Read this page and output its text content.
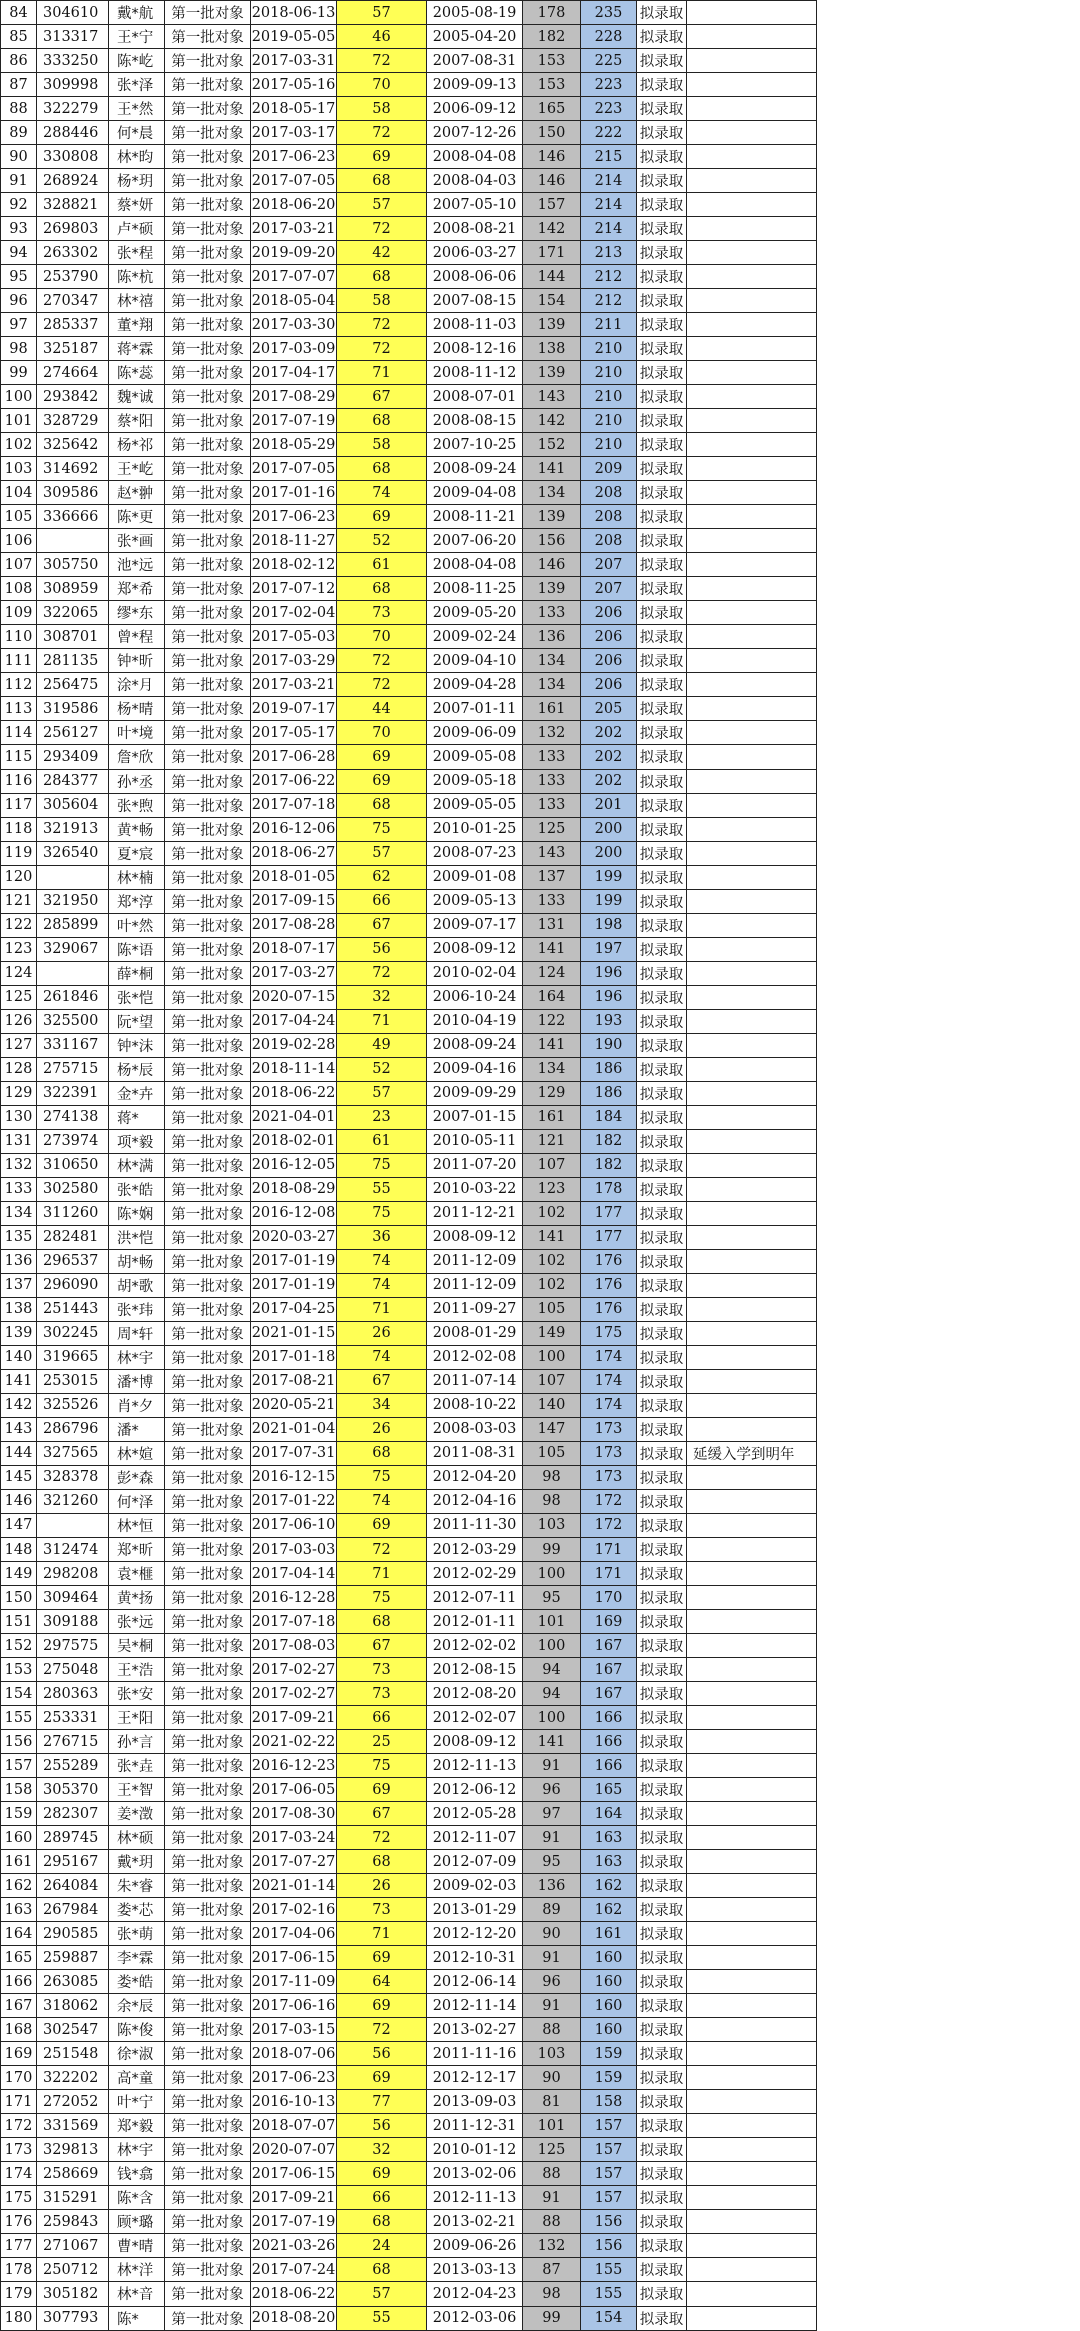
84	304610	戴*航	第一批对象	2018-06-13	57	2005-08-19	178	235	拟录取	
85	313317	王*宁	第一批对象	2019-05-05	46	2005-04-20	182	228	拟录取	
86	333250	陈*屹	第一批对象	2017-03-31	72	2007-08-31	153	225	拟录取	
87	309998	张*泽	第一批对象	2017-05-16	70	2009-09-13	153	223	拟录取	
88	322279	王*然	第一批对象	2018-05-17	58	2006-09-12	165	223	拟录取	
89	288446	何*晨	第一批对象	2017-03-17	72	2007-12-26	150	222	拟录取	
90	330808	林*昀	第一批对象	2017-06-23	69	2008-04-08	146	215	拟录取	
91	268924	杨*玥	第一批对象	2017-07-05	68	2008-04-03	146	214	拟录取	
92	328821	蔡*妍	第一批对象	2018-06-20	57	2007-05-10	157	214	拟录取	
93	269803	卢*硕	第一批对象	2017-03-21	72	2008-08-21	142	214	拟录取	
94	263302	张*程	第一批对象	2019-09-20	42	2006-03-27	171	213	拟录取	
95	253790	陈*杭	第一批对象	2017-07-07	68	2008-06-06	144	212	拟录取	
96	270347	林*禧	第一批对象	2018-05-04	58	2007-08-15	154	212	拟录取	
97	285337	董*翔	第一批对象	2017-03-30	72	2008-11-03	139	211	拟录取	
98	325187	蒋*霖	第一批对象	2017-03-09	72	2008-12-16	138	210	拟录取	
99	274664	陈*蕊	第一批对象	2017-04-17	71	2008-11-12	139	210	拟录取	
100	293842	魏*诚	第一批对象	2017-08-29	67	2008-07-01	143	210	拟录取	
101	328729	蔡*阳	第一批对象	2017-07-19	68	2008-08-15	142	210	拟录取	
102	325642	杨*祁	第一批对象	2018-05-29	58	2007-10-25	152	210	拟录取	
103	314692	王*屹	第一批对象	2017-07-05	68	2008-09-24	141	209	拟录取	
104	309586	赵*翀	第一批对象	2017-01-16	74	2009-04-08	134	208	拟录取	
105	336666	陈*更	第一批对象	2017-06-23	69	2008-11-21	139	208	拟录取	
106		张*画	第一批对象	2018-11-27	52	2007-06-20	156	208	拟录取	
107	305750	池*远	第一批对象	2018-02-12	61	2008-04-08	146	207	拟录取	
108	308959	郑*希	第一批对象	2017-07-12	68	2008-11-25	139	207	拟录取	
109	322065	缪*东	第一批对象	2017-02-04	73	2009-05-20	133	206	拟录取	
110	308701	曾*程	第一批对象	2017-05-03	70	2009-02-24	136	206	拟录取	
111	281135	钟*昕	第一批对象	2017-03-29	72	2009-04-10	134	206	拟录取	
112	256475	涂*月	第一批对象	2017-03-21	72	2009-04-28	134	206	拟录取	
113	319586	杨*晴	第一批对象	2019-07-17	44	2007-01-11	161	205	拟录取	
114	256127	叶*境	第一批对象	2017-05-17	70	2009-06-09	132	202	拟录取	
115	293409	詹*欣	第一批对象	2017-06-28	69	2009-05-08	133	202	拟录取	
116	284377	孙*丞	第一批对象	2017-06-22	69	2009-05-18	133	202	拟录取	
117	305604	张*煦	第一批对象	2017-07-18	68	2009-05-05	133	201	拟录取	
118	321913	黄*畅	第一批对象	2016-12-06	75	2010-01-25	125	200	拟录取	
119	326540	夏*宸	第一批对象	2018-06-27	57	2008-07-23	143	200	拟录取	
120		林*楠	第一批对象	2018-01-05	62	2009-01-08	137	199	拟录取	
121	321950	郑*淳	第一批对象	2017-09-15	66	2009-05-13	133	199	拟录取	
122	285899	叶*然	第一批对象	2017-08-28	67	2009-07-17	131	198	拟录取	
123	329067	陈*语	第一批对象	2018-07-17	56	2008-09-12	141	197	拟录取	
124		薛*桐	第一批对象	2017-03-27	72	2010-02-04	124	196	拟录取	
125	261846	张*恺	第一批对象	2020-07-15	32	2006-10-24	164	196	拟录取	
126	325500	阮*望	第一批对象	2017-04-24	71	2010-04-19	122	193	拟录取	
127	331167	钟*沫	第一批对象	2019-02-28	49	2008-09-24	141	190	拟录取	
128	275715	杨*辰	第一批对象	2018-11-14	52	2009-04-16	134	186	拟录取	
129	322391	金*卉	第一批对象	2018-06-22	57	2009-09-29	129	186	拟录取	
130	274138	蒋*	第一批对象	2021-04-01	23	2007-01-15	161	184	拟录取	
131	273974	项*毅	第一批对象	2018-02-01	61	2010-05-11	121	182	拟录取	
132	310650	林*满	第一批对象	2016-12-05	75	2011-07-20	107	182	拟录取	
133	302580	张*皓	第一批对象	2018-08-29	55	2010-03-22	123	178	拟录取	
134	311260	陈*娴	第一批对象	2016-12-08	75	2011-12-21	102	177	拟录取	
135	282481	洪*恺	第一批对象	2020-03-27	36	2008-09-12	141	177	拟录取	
136	296537	胡*畅	第一批对象	2017-01-19	74	2011-12-09	102	176	拟录取	
137	296090	胡*歌	第一批对象	2017-01-19	74	2011-12-09	102	176	拟录取	
138	251443	张*玮	第一批对象	2017-04-25	71	2011-09-27	105	176	拟录取	
139	302245	周*轩	第一批对象	2021-01-15	26	2008-01-29	149	175	拟录取	
140	319665	林*宇	第一批对象	2017-01-18	74	2012-02-08	100	174	拟录取	
141	253015	潘*博	第一批对象	2017-08-21	67	2011-07-14	107	174	拟录取	
142	325526	肖*夕	第一批对象	2020-05-21	34	2008-10-22	140	174	拟录取	
143	286796	潘*	第一批对象	2021-01-04	26	2008-03-03	147	173	拟录取	
144	327565	林*媗	第一批对象	2017-07-31	68	2011-08-31	105	173	拟录取	延缓入学到明年
145	328378	彭*森	第一批对象	2016-12-15	75	2012-04-20	98	173	拟录取	
146	321260	何*泽	第一批对象	2017-01-22	74	2012-04-16	98	172	拟录取	
147		林*恒	第一批对象	2017-06-10	69	2011-11-30	103	172	拟录取	
148	312474	郑*昕	第一批对象	2017-03-03	72	2012-03-29	99	171	拟录取	
149	298208	袁*榧	第一批对象	2017-04-14	71	2012-02-29	100	171	拟录取	
150	309464	黄*扬	第一批对象	2016-12-28	75	2012-07-11	95	170	拟录取	
151	309188	张*远	第一批对象	2017-07-18	68	2012-01-11	101	169	拟录取	
152	297575	吴*桐	第一批对象	2017-08-03	67	2012-02-02	100	167	拟录取	
153	275048	王*浩	第一批对象	2017-02-27	73	2012-08-15	94	167	拟录取	
154	280363	张*安	第一批对象	2017-02-27	73	2012-08-20	94	167	拟录取	
155	253331	王*阳	第一批对象	2017-09-21	66	2012-02-07	100	166	拟录取	
156	276715	孙*言	第一批对象	2021-02-22	25	2008-09-12	141	166	拟录取	
157	255289	张*垚	第一批对象	2016-12-23	75	2012-11-13	91	166	拟录取	
158	305370	王*智	第一批对象	2017-06-05	69	2012-06-12	96	165	拟录取	
159	282307	姜*澂	第一批对象	2017-08-30	67	2012-05-28	97	164	拟录取	
160	289745	林*硕	第一批对象	2017-03-24	72	2012-11-07	91	163	拟录取	
161	295167	戴*玥	第一批对象	2017-07-27	68	2012-07-09	95	163	拟录取	
162	264084	朱*睿	第一批对象	2021-01-14	26	2009-02-03	136	162	拟录取	
163	267984	娄*芯	第一批对象	2017-02-16	73	2013-01-29	89	162	拟录取	
164	290585	张*萌	第一批对象	2017-04-06	71	2012-12-20	90	161	拟录取	
165	259887	李*霖	第一批对象	2017-06-15	69	2012-10-31	91	160	拟录取	
166	263085	娄*皓	第一批对象	2017-11-09	64	2012-06-14	96	160	拟录取	
167	318062	余*辰	第一批对象	2017-06-16	69	2012-11-14	91	160	拟录取	
168	302547	陈*俊	第一批对象	2017-03-15	72	2013-02-27	88	160	拟录取	
169	251548	徐*淑	第一批对象	2018-07-06	56	2011-11-16	103	159	拟录取	
170	322202	高*童	第一批对象	2017-06-23	69	2012-12-17	90	159	拟录取	
171	272052	叶*宁	第一批对象	2016-10-13	77	2013-09-03	81	158	拟录取	
172	331569	郑*毅	第一批对象	2018-07-07	56	2011-12-31	101	157	拟录取	
173	329813	林*宇	第一批对象	2020-07-07	32	2010-01-12	125	157	拟录取	
174	258669	钱*翕	第一批对象	2017-06-15	69	2013-02-06	88	157	拟录取	
175	315291	陈*含	第一批对象	2017-09-21	66	2012-11-13	91	157	拟录取	
176	259843	顾*璐	第一批对象	2017-07-19	68	2013-02-21	88	156	拟录取	
177	271067	曹*晴	第一批对象	2021-03-26	24	2009-06-26	132	156	拟录取	
178	250712	林*洋	第一批对象	2017-07-24	68	2013-03-13	87	155	拟录取	
179	305182	林*音	第一批对象	2018-06-22	57	2012-04-23	98	155	拟录取	
180	307793	陈*	第一批对象	2018-08-20	55	2012-03-06	99	154	拟录取	
